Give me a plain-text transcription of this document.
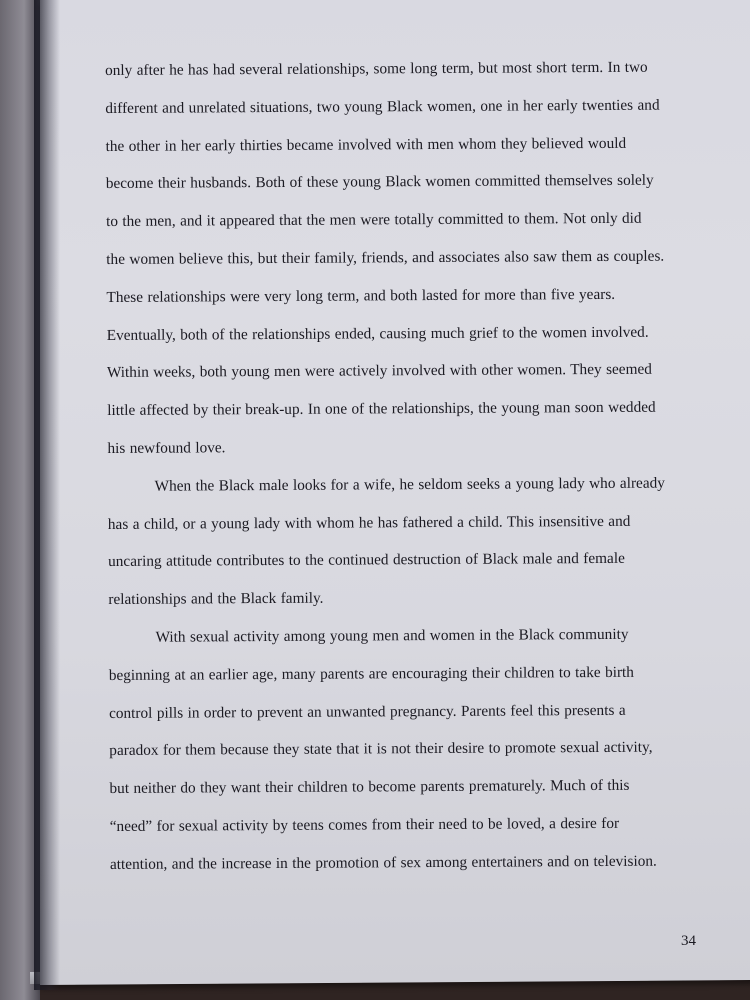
only after he has had several relationships, some long term, but most short term. In two
different and unrelated situations, two young Black women, one in her early twenties and
the other in her early thirties became involved with men whom they believed would
become their husbands. Both of these young Black women committed themselves solely
to the men, and it appeared that the men were totally committed to them. Not only did
the women believe this, but their family, friends, and associates also saw them as couples.
These relationships were very long term, and both lasted for more than five years.
Eventually, both of the relationships ended, causing much grief to the women involved.
Within weeks, both young men were actively involved with other women. They seemed
little affected by their break-up. In one of the relationships, the young man soon wedded
his newfound love.
When the Black male looks for a wife, he seldom seeks a young lady who already
has a child, or a young lady with whom he has fathered a child. This insensitive and
uncaring attitude contributes to the continued destruction of Black male and female
relationships and the Black family.
With sexual activity among young men and women in the Black community
beginning at an earlier age, many parents are encouraging their children to take birth
control pills in order to prevent an unwanted pregnancy. Parents feel this presents a
paradox for them because they state that it is not their desire to promote sexual activity,
but neither do they want their children to become parents prematurely. Much of this
“need” for sexual activity by teens comes from their need to be loved, a desire for
attention, and the increase in the promotion of sex among entertainers and on television.
34
